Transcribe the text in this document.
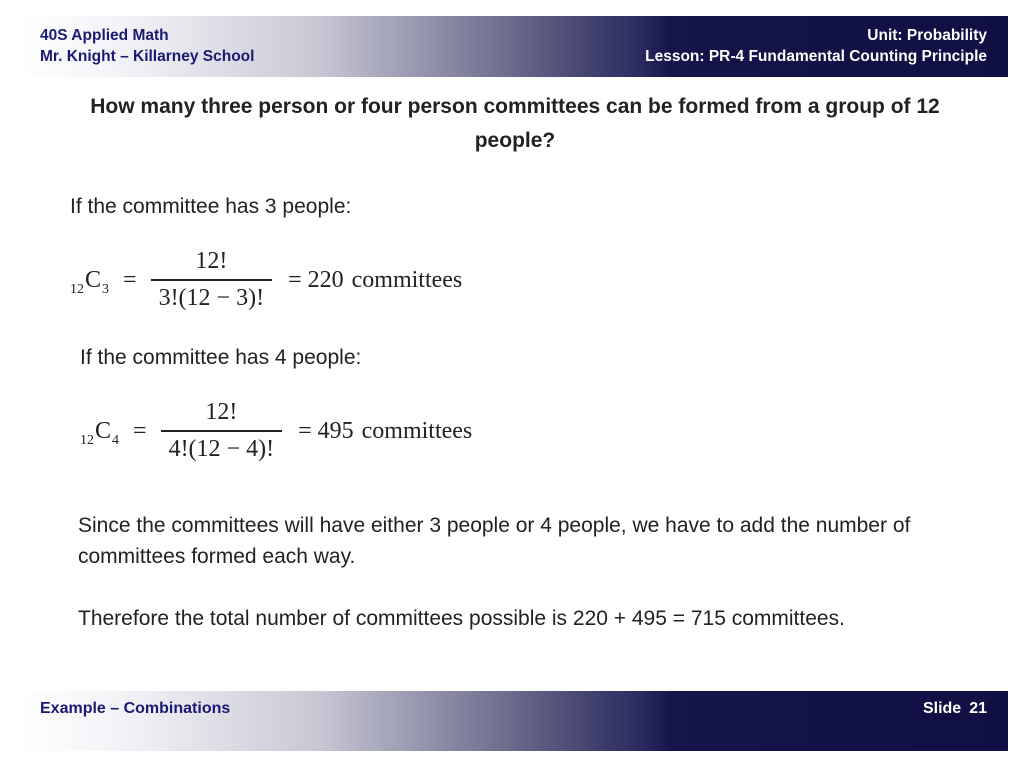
40S Applied Math
Mr. Knight – Killarney School
Unit: Probability
Lesson: PR-4 Fundamental Counting Principle
How many three person or four person committees can be formed from a group of 12 people?
If the committee has 3 people:
12 C $3 = \frac{12!}{3!(12 - 3)!} = 220$ committees
If the committee has 4 people:
12 C $4 = \frac{12!}{4!(12 - 4)!} = 495$ committees
Since the committees will have either 3 people or 4 people, we have to add the number of committees formed each way.
Therefore the total number of committees possible is 220 + 495 = 715 committees.
Example – Combinations	Slide 21
